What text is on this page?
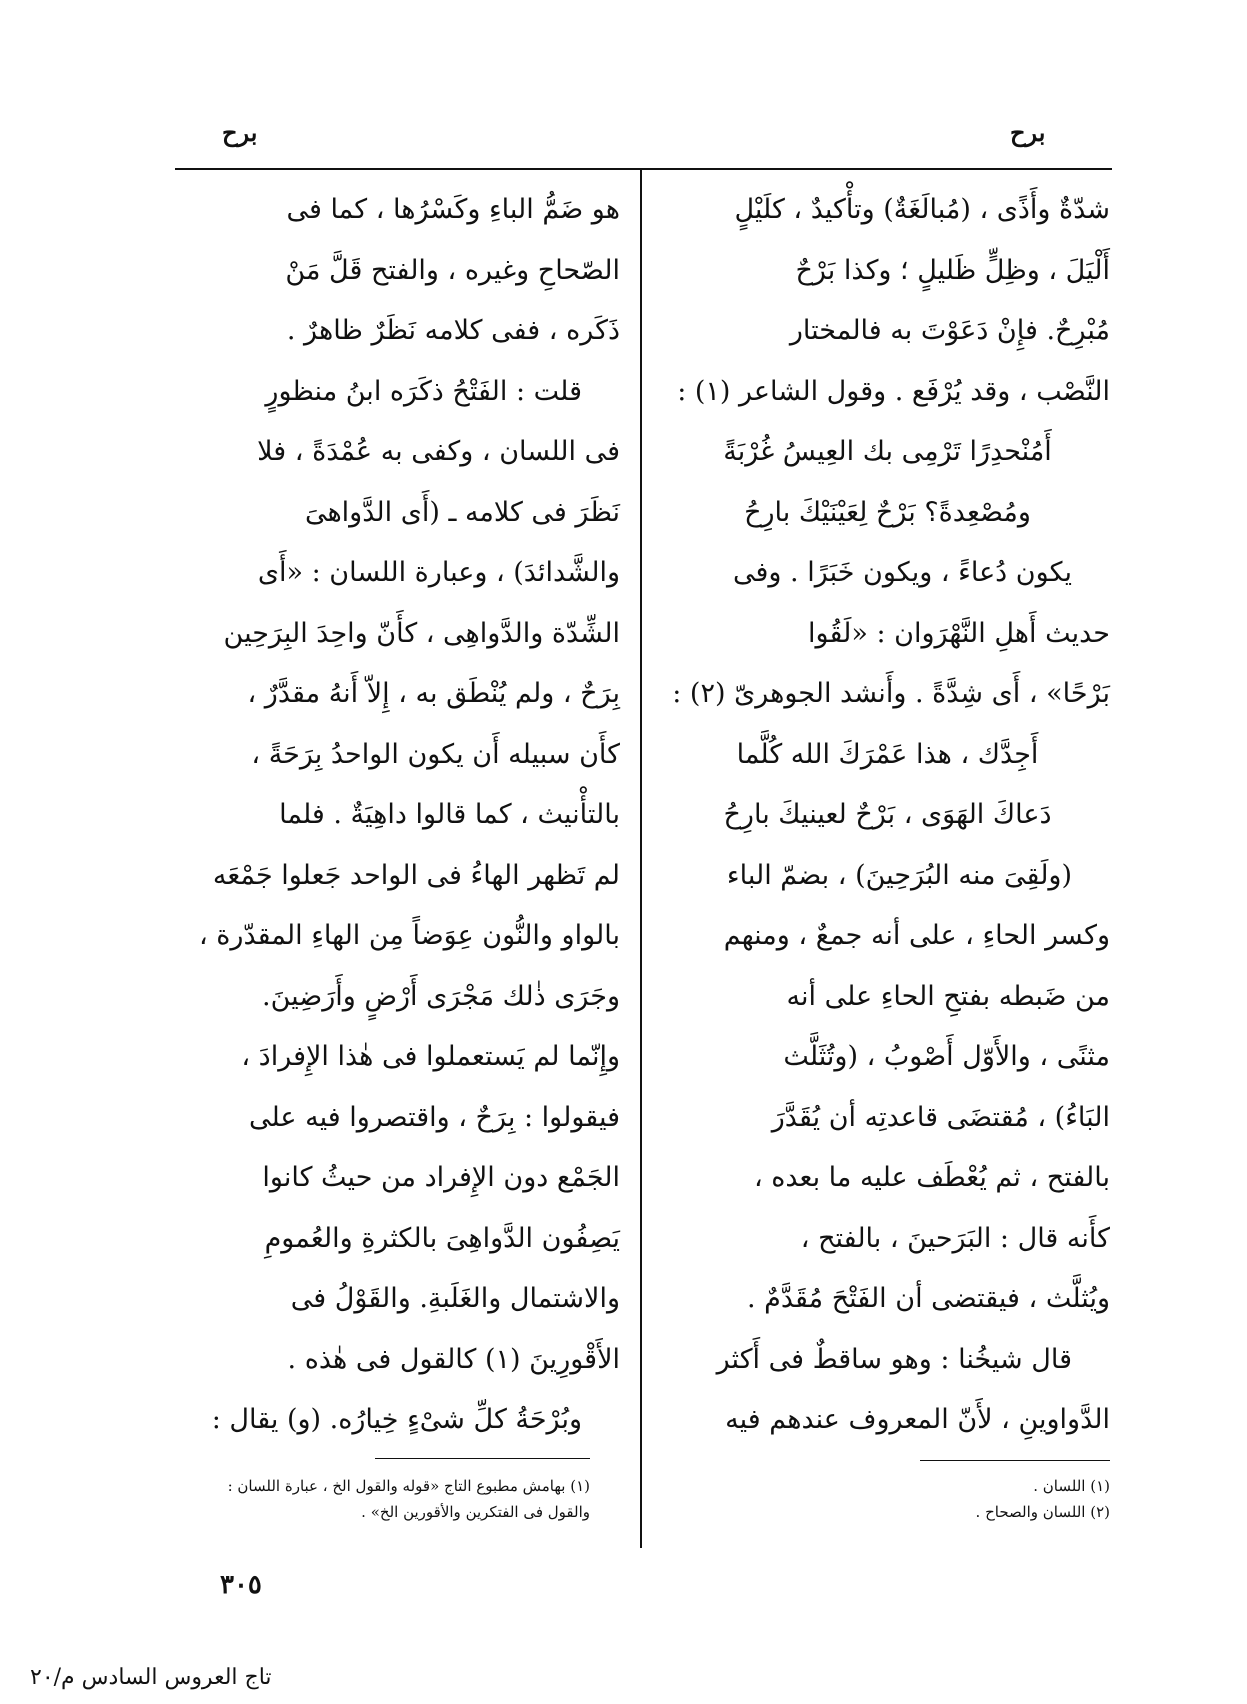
برح
برح

شدّةٌ وأَذًى ، (مُبالَغَةٌ) وتأْكيدٌ ، كلَيْلٍ

أَلْيَلَ ، وظِلٍّ ظَليلٍ ؛ وكذا بَرْحٌ

مُبْرِحٌ. فإِنْ دَعَوْتَ به فالمختار

النَّصْب ، وقد يُرْفَع . وقول الشاعر (١) :

أَمُنْحدِرًا تَرْمِى بك العِيسُ غُرْبَةً

ومُصْعِدةً؟ بَرْحٌ لِعَيْنَيْكَ بارِحُ

يكون دُعاءً ، ويكون خَبَرًا . وفى

حديث أَهلِ النَّهْرَوان : «لَقُوا

بَرْحًا» ، أَى شِدَّةً . وأَنشد الجوهرىّ (٢) :

أَجِدَّك ، هذا عَمْرَكَ الله كُلَّما

دَعاكَ الهَوَى ، بَرْحٌ لعينيكَ بارِحُ

(ولَقِىَ منه البُرَحِينَ) ، بضمّ الباء

وكسر الحاءِ ، على أنه جمعٌ ، ومنهم

من ضَبطه بفتحِ الحاءِ على أنه

مثنًى ، والأَوّل أَصْوبُ ، (وتُثَلَّث

البَاءُ) ، مُقتضَى قاعدتِه أن يُقَدَّرَ

بالفتح ، ثم يُعْطَف عليه ما بعده ،

كأَنه قال : البَرَحينَ ، بالفتح ،

ويُثلَّث ، فيقتضى أن الفَتْحَ مُقَدَّمٌ .

قال شيخُنا : وهو ساقطٌ فى أَكثر

الدَّواوينِ ، لأَنّ المعروف عندهم فيه

هو ضَمُّ الباءِ وكَسْرُها ، كما فى

الصّحاحِ وغيره ، والفتح قَلَّ مَنْ

ذَكَره ، ففى كلامه نَظَرٌ ظاهرٌ .

قلت : الفَتْحُ ذكَرَه ابنُ منظورٍ

فى اللسان ، وكفى به عُمْدَةً ، فلا

نَظَرَ فى كلامه ـ (أَى الدَّواهىَ

والشَّدائدَ) ، وعبارة اللسان : «أَى

الشِّدّة والدَّواهِى ، كأَنّ واحِدَ البِرَحِين

بِرَحٌ ، ولم يُنْطَق به ، إِلاّ أَنهُ مقدَّرٌ ،

كأَن سبيله أَن يكون الواحدُ بِرَحَةً ،

بالتأْنيث ، كما قالوا داهِيَةٌ . فلما

لم تَظهر الهاءُ فى الواحد جَعلوا جَمْعَه

بالواو والنُّون عِوَضاً مِن الهاءِ المقدّرة ،

وجَرَى ذٰلك مَجْرَى أَرْضٍ وأَرَضِينَ.

وإِنّما لم يَستعملوا فى هٰذا الإِفرادَ ،

فيقولوا : بِرَحٌ ، واقتصروا فيه على

الجَمْع دون الإِفراد من حيثُ كانوا

يَصِفُون الدَّواهِىَ بالكثرةِ والعُمومِ

والاشتمال والغَلَبةِ. والقَوْلُ فى

الأَقْورِينَ (١) كالقول فى هٰذه .

وبُرْحَةُ كلِّ شىْءٍ خِيارُه. (و) يقال :

(١) اللسان .

(٢) اللسان والصحاح .

(١) بهامش مطبوع التاج «قوله والقول الخ ، عبارة اللسان :

والقول فى الفتكرين والأقورين الخ» .

٣٠٥
تاج العروس السادس م/٢٠
